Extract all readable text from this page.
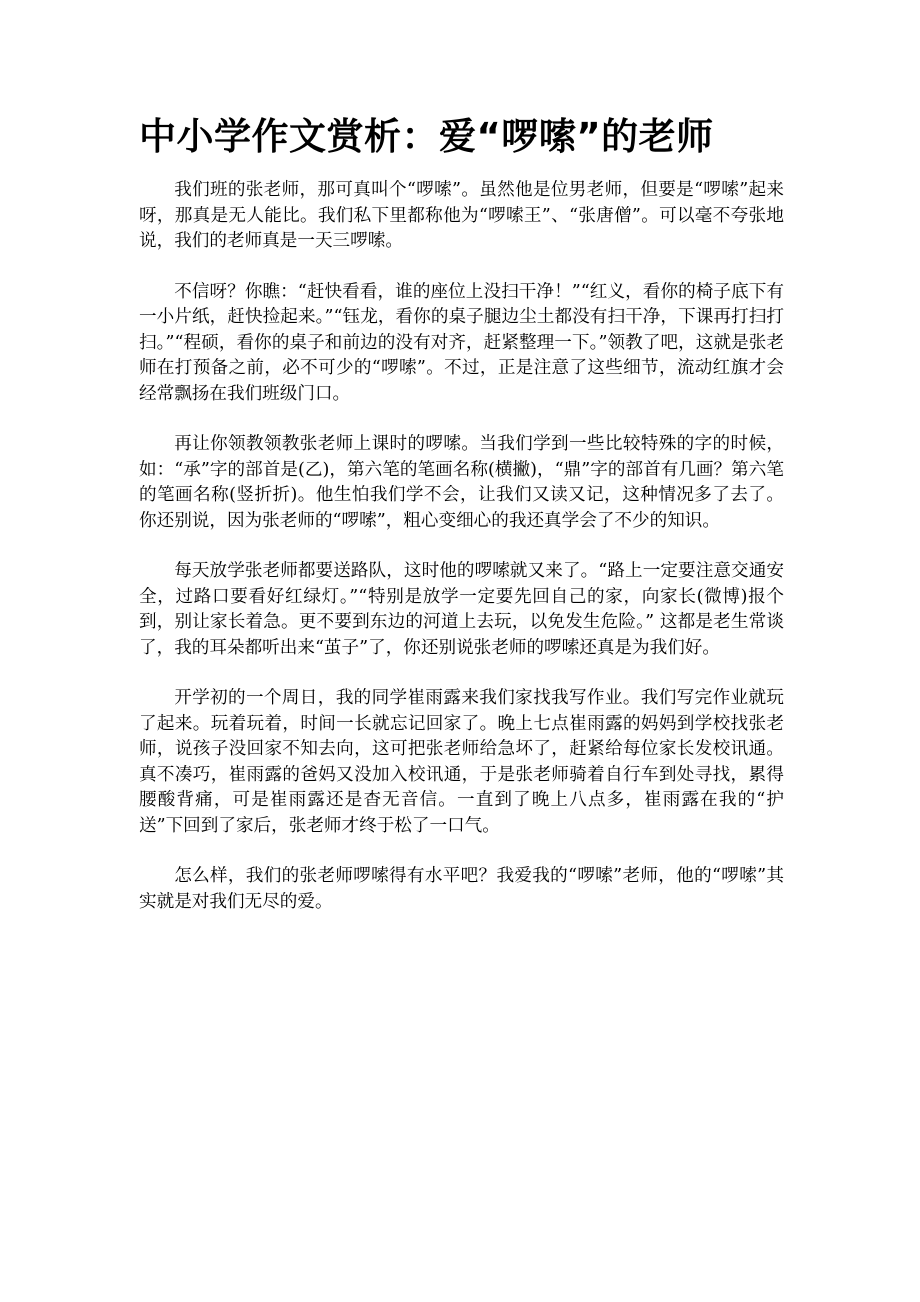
中小学作文赏析：爱“啰嗦”的老师

我们班的张老师，那可真叫个“啰嗦”。虽然他是位男老师，但要是“啰嗦”起来呀，那真是无人能比。我们私下里都称他为“啰嗦王”、“张唐僧”。可以毫不夸张地说，我们的老师真是一天三啰嗦。

不信呀？你瞧：“赶快看看，谁的座位上没扫干净！”“红义，看你的椅子底下有一小片纸，赶快捡起来。”“钰龙，看你的桌子腿边尘土都没有扫干净，下课再打扫打扫。”“程硕，看你的桌子和前边的没有对齐，赶紧整理一下。”领教了吧，这就是张老师在打预备之前，必不可少的“啰嗦”。不过，正是注意了这些细节，流动红旗才会经常飘扬在我们班级门口。

再让你领教领教张老师上课时的啰嗦。当我们学到一些比较特殊的字的时候，如：“承”字的部首是(乙)，第六笔的笔画名称(横撇)，“鼎”字的部首有几画？第六笔的笔画名称(竖折折)。他生怕我们学不会，让我们又读又记，这种情况多了去了。你还别说，因为张老师的“啰嗦”，粗心变细心的我还真学会了不少的知识。

每天放学张老师都要送路队，这时他的啰嗦就又来了。“路上一定要注意交通安全，过路口要看好红绿灯。”“特别是放学一定要先回自己的家，向家长(微博)报个到，别让家长着急。更不要到东边的河道上去玩，以免发生危险。” 这都是老生常谈了，我的耳朵都听出来“茧子”了，你还别说张老师的啰嗦还真是为我们好。

开学初的一个周日，我的同学崔雨露来我们家找我写作业。我们写完作业就玩了起来。玩着玩着，时间一长就忘记回家了。晚上七点崔雨露的妈妈到学校找张老师，说孩子没回家不知去向，这可把张老师给急坏了，赶紧给每位家长发校讯通。真不凑巧，崔雨露的爸妈又没加入校讯通，于是张老师骑着自行车到处寻找，累得腰酸背痛，可是崔雨露还是杳无音信。一直到了晚上八点多，崔雨露在我的“护送”下回到了家后，张老师才终于松了一口气。

怎么样，我们的张老师啰嗦得有水平吧？我爱我的“啰嗦”老师，他的“啰嗦”其实就是对我们无尽的爱。
